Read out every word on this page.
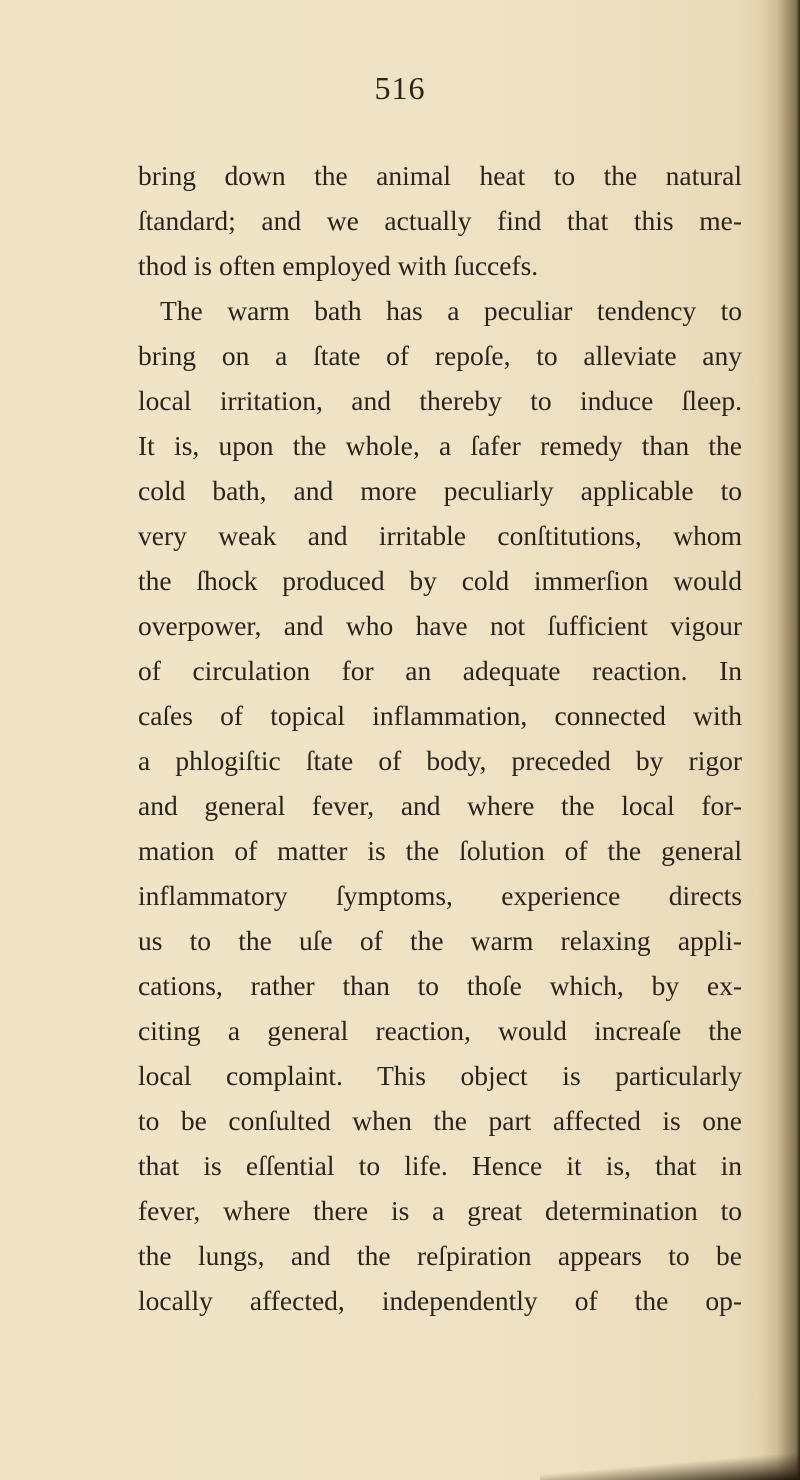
516
bring down the animal heat to the natural
ſtandard; and we actually find that this me-
thod is often employed with ſuccefs.
The warm bath has a peculiar tendency to
bring on a ſtate of repoſe, to alleviate any
local irritation, and thereby to induce ſleep.
It is, upon the whole, a ſafer remedy than the
cold bath, and more peculiarly applicable to
very weak and irritable conſtitutions, whom
the ſhock produced by cold immerſion would
overpower, and who have not ſufficient vigour
of circulation for an adequate reaction. In
caſes of topical inflammation, connected with
a phlogiſtic ſtate of body, preceded by rigor
and general fever, and where the local for-
mation of matter is the ſolution of the general
inflammatory ſymptoms, experience directs
us to the uſe of the warm relaxing appli-
cations, rather than to thoſe which, by ex-
citing a general reaction, would increaſe the
local complaint. This object is particularly
to be conſulted when the part affected is one
that is eſſential to life. Hence it is, that in
fever, where there is a great determination to
the lungs, and the reſpiration appears to be
locally affected, independently of the op-
